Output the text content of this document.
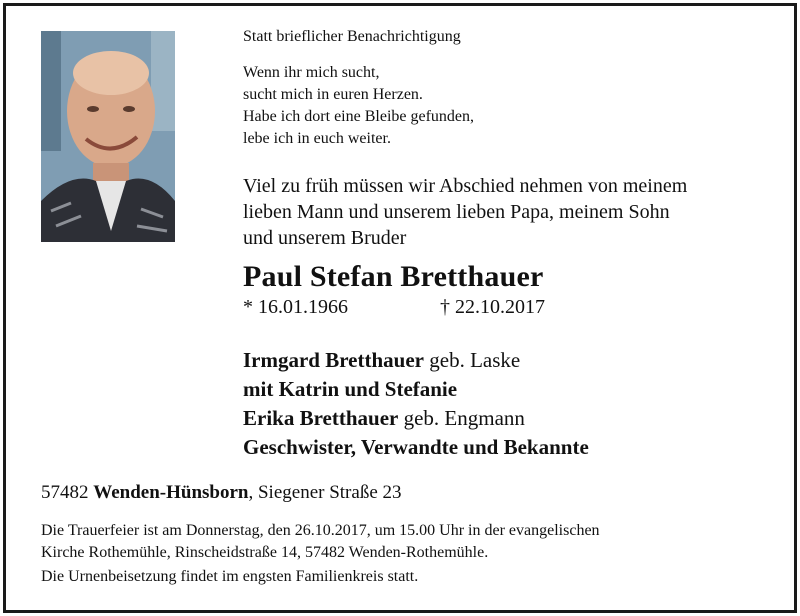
Statt brieflicher Benachrichtigung
Wenn ihr mich sucht,
sucht mich in euren Herzen.
Habe ich dort eine Bleibe gefunden,
lebe ich in euch weiter.
Viel zu früh müssen wir Abschied nehmen von meinem
lieben Mann und unserem lieben Papa, meinem Sohn
und unserem Bruder
Paul Stefan Bretthauer
* 16.01.1966	† 22.10.2017
Irmgard Bretthauer geb. Laske
mit Katrin und Stefanie
Erika Bretthauer geb. Engmann
Geschwister, Verwandte und Bekannte
57482 Wenden-Hünsborn, Siegener Straße 23
Die Trauerfeier ist am Donnerstag, den 26.10.2017, um 15.00 Uhr in der evangelischen
Kirche Rothemühle, Rinscheidstraße 14, 57482 Wenden-Rothemühle.
Die Urnenbeisetzung findet im engsten Familienkreis statt.
